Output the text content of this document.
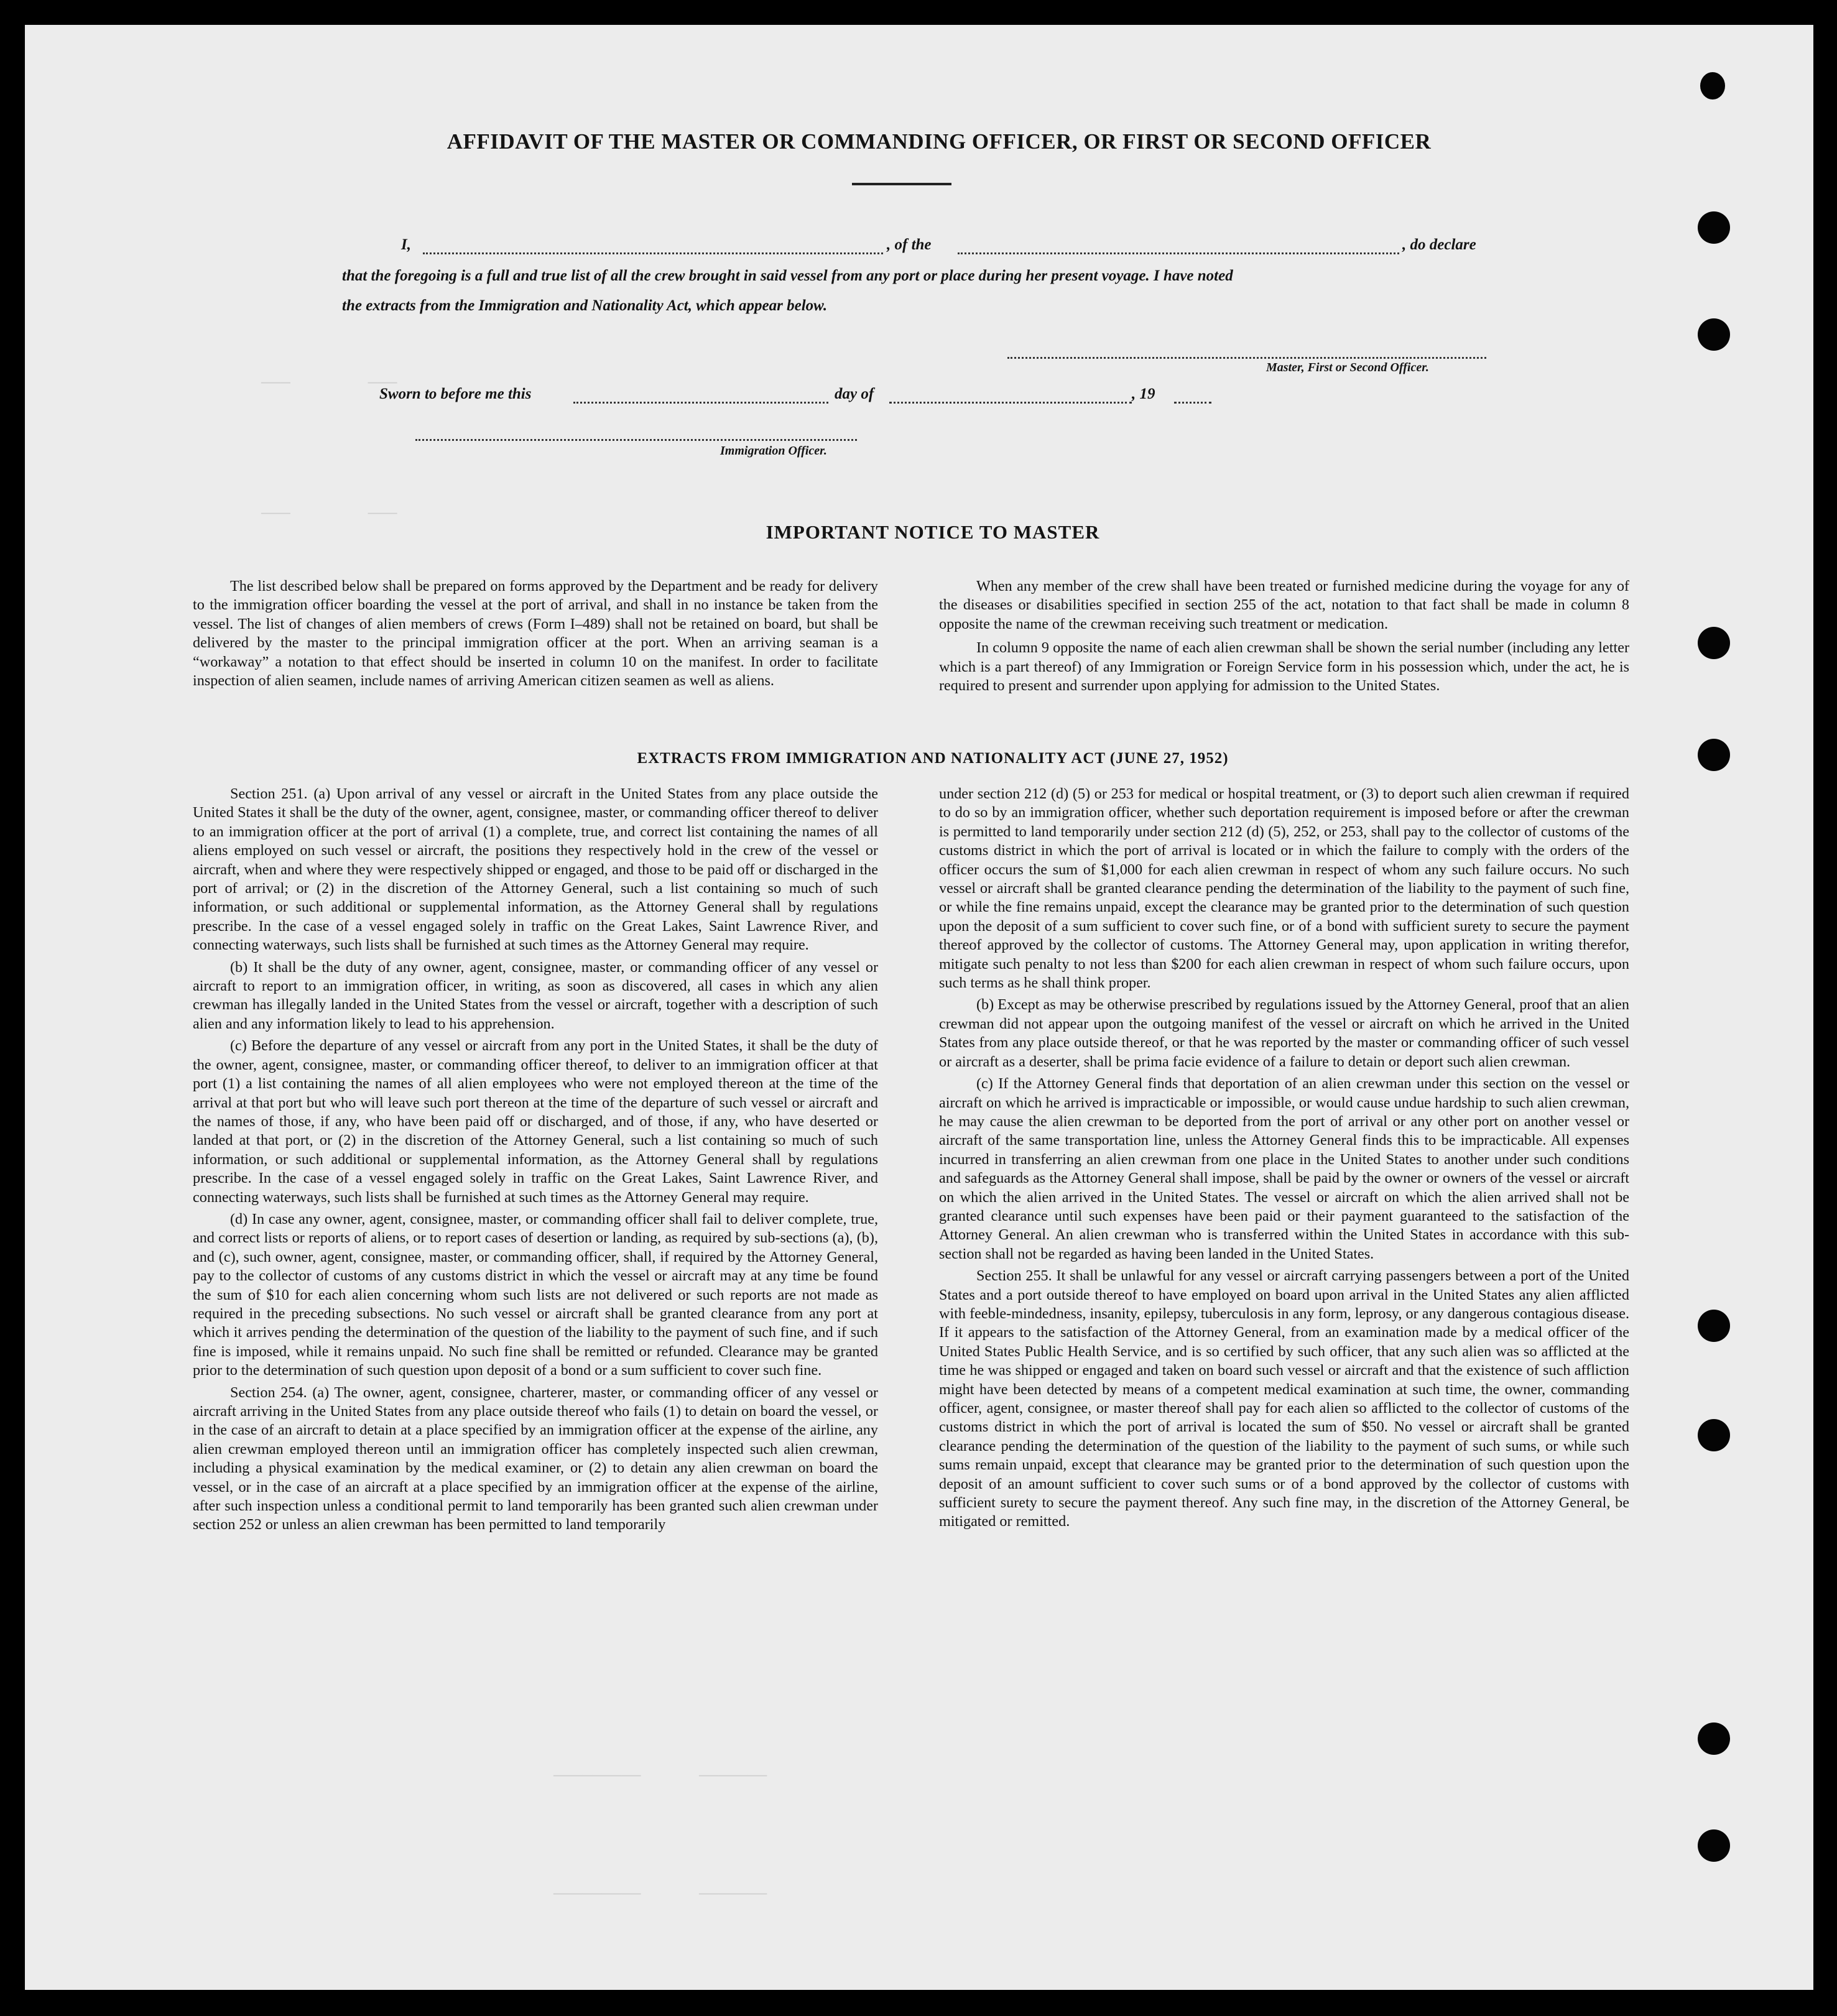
———        ———
———        ———
—————————      ———————
—————————      ———————
AFFIDAVIT OF THE MASTER OR COMMANDING OFFICER, OR FIRST OR SECOND OFFICER
I,	, of the	, do declare
that the foregoing is a full and true list of all the crew brought in said vessel from any port or place during her present voyage. I have noted
the extracts from the Immigration and Nationality Act, which appear below.
Master, First or Second Officer.
Sworn to before me this	day of	, 19
Immigration Officer.
IMPORTANT NOTICE TO MASTER

The list described below shall be prepared on forms approved by the Department and be ready for delivery to the immigration officer boarding the vessel at the port of arrival, and shall in no instance be taken from the vessel. The list of changes of alien members of crews (Form I–489) shall not be retained on board, but shall be delivered by the master to the principal immigration officer at the port. When an arriving seaman is a “workaway” a notation to that effect should be inserted in column 10 on the manifest. In order to facilitate inspection of alien seamen, include names of arriving American citizen seamen as well as aliens.

When any member of the crew shall have been treated or furnished medicine during the voyage for any of the diseases or disabilities specified in section 255 of the act, notation to that fact shall be made in column 8 opposite the name of the crewman receiving such treatment or medication.

In column 9 opposite the name of each alien crewman shall be shown the serial number (including any letter which is a part thereof) of any Immigration or Foreign Service form in his possession which, under the act, he is required to present and surrender upon applying for admission to the United States.

EXTRACTS FROM IMMIGRATION AND NATIONALITY ACT (JUNE 27, 1952)

Section 251. (a) Upon arrival of any vessel or aircraft in the United States from any place outside the United States it shall be the duty of the owner, agent, consignee, master, or commanding officer thereof to deliver to an immigration officer at the port of arrival (1) a complete, true, and correct list containing the names of all aliens employed on such vessel or aircraft, the positions they respectively hold in the crew of the vessel or aircraft, when and where they were respectively shipped or engaged, and those to be paid off or discharged in the port of arrival; or (2) in the discretion of the Attorney General, such a list containing so much of such information, or such additional or supplemental information, as the Attorney General shall by regulations prescribe. In the case of a vessel engaged solely in traffic on the Great Lakes, Saint Lawrence River, and connecting waterways, such lists shall be furnished at such times as the Attorney General may require.

(b) It shall be the duty of any owner, agent, consignee, master, or commanding officer of any vessel or aircraft to report to an immigration officer, in writing, as soon as discovered, all cases in which any alien crewman has illegally landed in the United States from the vessel or aircraft, together with a description of such alien and any information likely to lead to his apprehension.

(c) Before the departure of any vessel or aircraft from any port in the United States, it shall be the duty of the owner, agent, consignee, master, or commanding officer thereof, to deliver to an immigration officer at that port (1) a list containing the names of all alien employees who were not employed thereon at the time of the arrival at that port but who will leave such port thereon at the time of the departure of such vessel or aircraft and the names of those, if any, who have been paid off or discharged, and of those, if any, who have deserted or landed at that port, or (2) in the discretion of the Attorney General, such a list containing so much of such information, or such additional or supplemental information, as the Attorney General shall by regulations prescribe. In the case of a vessel engaged solely in traffic on the Great Lakes, Saint Lawrence River, and connecting waterways, such lists shall be furnished at such times as the Attorney General may require.

(d) In case any owner, agent, consignee, master, or commanding officer shall fail to deliver complete, true, and correct lists or reports of aliens, or to report cases of desertion or landing, as required by sub-sections (a), (b), and (c), such owner, agent, consignee, master, or commanding officer, shall, if required by the Attorney General, pay to the collector of customs of any customs district in which the vessel or aircraft may at any time be found the sum of $10 for each alien concerning whom such lists are not delivered or such reports are not made as required in the preceding subsections. No such vessel or aircraft shall be granted clearance from any port at which it arrives pending the determination of the question of the liability to the payment of such fine, and if such fine is imposed, while it remains unpaid. No such fine shall be remitted or refunded. Clearance may be granted prior to the determination of such question upon deposit of a bond or a sum sufficient to cover such fine.

Section 254. (a) The owner, agent, consignee, charterer, master, or commanding officer of any vessel or aircraft arriving in the United States from any place outside thereof who fails (1) to detain on board the vessel, or in the case of an aircraft to detain at a place specified by an immigration officer at the expense of the airline, any alien crewman employed thereon until an immigration officer has completely inspected such alien crewman, including a physical examination by the medical examiner, or (2) to detain any alien crewman on board the vessel, or in the case of an aircraft at a place specified by an immigration officer at the expense of the airline, after such inspection unless a conditional permit to land temporarily has been granted such alien crewman under section 252 or unless an alien crewman has been permitted to land temporarily

under section 212 (d) (5) or 253 for medical or hospital treatment, or (3) to deport such alien crewman if required to do so by an immigration officer, whether such deportation requirement is imposed before or after the crewman is permitted to land temporarily under section 212 (d) (5), 252, or 253, shall pay to the collector of customs of the customs district in which the port of arrival is located or in which the failure to comply with the orders of the officer occurs the sum of $1,000 for each alien crewman in respect of whom any such failure occurs. No such vessel or aircraft shall be granted clearance pending the determination of the liability to the payment of such fine, or while the fine remains unpaid, except the clearance may be granted prior to the determination of such question upon the deposit of a sum sufficient to cover such fine, or of a bond with sufficient surety to secure the payment thereof approved by the collector of customs. The Attorney General may, upon application in writing therefor, mitigate such penalty to not less than $200 for each alien crewman in respect of whom such failure occurs, upon such terms as he shall think proper.

(b) Except as may be otherwise prescribed by regulations issued by the Attorney General, proof that an alien crewman did not appear upon the outgoing manifest of the vessel or aircraft on which he arrived in the United States from any place outside thereof, or that he was reported by the master or commanding officer of such vessel or aircraft as a deserter, shall be prima facie evidence of a failure to detain or deport such alien crewman.

(c) If the Attorney General finds that deportation of an alien crewman under this section on the vessel or aircraft on which he arrived is impracticable or impossible, or would cause undue hardship to such alien crewman, he may cause the alien crewman to be deported from the port of arrival or any other port on another vessel or aircraft of the same transportation line, unless the Attorney General finds this to be impracticable. All expenses incurred in transferring an alien crewman from one place in the United States to another under such conditions and safeguards as the Attorney General shall impose, shall be paid by the owner or owners of the vessel or aircraft on which the alien arrived in the United States. The vessel or aircraft on which the alien arrived shall not be granted clearance until such expenses have been paid or their payment guaranteed to the satisfaction of the Attorney General. An alien crewman who is transferred within the United States in accordance with this sub-section shall not be regarded as having been landed in the United States.

Section 255. It shall be unlawful for any vessel or aircraft carrying passengers between a port of the United States and a port outside thereof to have employed on board upon arrival in the United States any alien afflicted with feeble-mindedness, insanity, epilepsy, tuberculosis in any form, leprosy, or any dangerous contagious disease. If it appears to the satisfaction of the Attorney General, from an examination made by a medical officer of the United States Public Health Service, and is so certified by such officer, that any such alien was so afflicted at the time he was shipped or engaged and taken on board such vessel or aircraft and that the existence of such affliction might have been detected by means of a competent medical examination at such time, the owner, commanding officer, agent, consignee, or master thereof shall pay for each alien so afflicted to the collector of customs of the customs district in which the port of arrival is located the sum of $50. No vessel or aircraft shall be granted clearance pending the determination of the question of the liability to the payment of such sums, or while such sums remain unpaid, except that clearance may be granted prior to the determination of such question upon the deposit of an amount sufficient to cover such sums or of a bond approved by the collector of customs with sufficient surety to secure the payment thereof. Any such fine may, in the discretion of the Attorney General, be mitigated or remitted.
